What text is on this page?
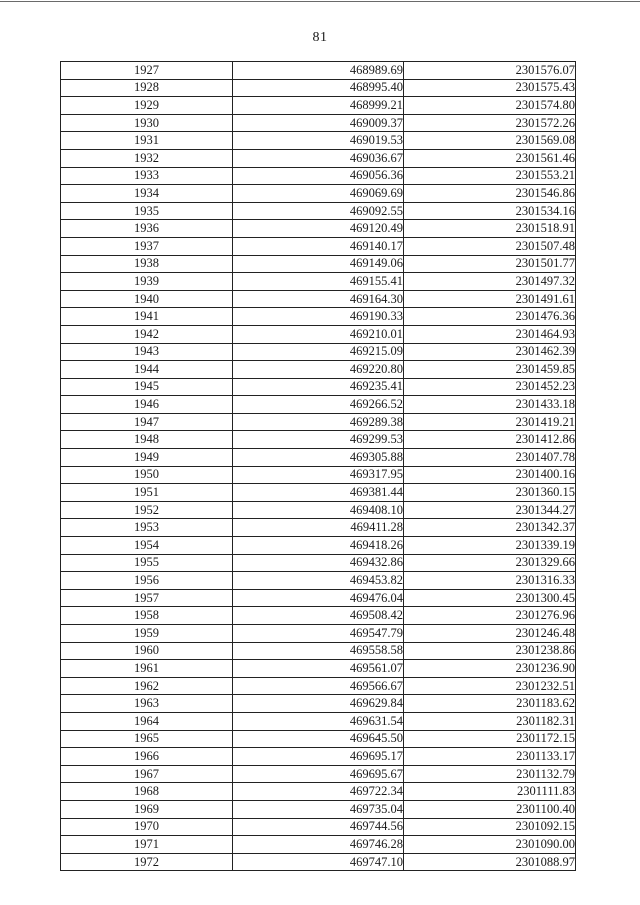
81
1927	468989.69	2301576.07
1928	468995.40	2301575.43
1929	468999.21	2301574.80
1930	469009.37	2301572.26
1931	469019.53	2301569.08
1932	469036.67	2301561.46
1933	469056.36	2301553.21
1934	469069.69	2301546.86
1935	469092.55	2301534.16
1936	469120.49	2301518.91
1937	469140.17	2301507.48
1938	469149.06	2301501.77
1939	469155.41	2301497.32
1940	469164.30	2301491.61
1941	469190.33	2301476.36
1942	469210.01	2301464.93
1943	469215.09	2301462.39
1944	469220.80	2301459.85
1945	469235.41	2301452.23
1946	469266.52	2301433.18
1947	469289.38	2301419.21
1948	469299.53	2301412.86
1949	469305.88	2301407.78
1950	469317.95	2301400.16
1951	469381.44	2301360.15
1952	469408.10	2301344.27
1953	469411.28	2301342.37
1954	469418.26	2301339.19
1955	469432.86	2301329.66
1956	469453.82	2301316.33
1957	469476.04	2301300.45
1958	469508.42	2301276.96
1959	469547.79	2301246.48
1960	469558.58	2301238.86
1961	469561.07	2301236.90
1962	469566.67	2301232.51
1963	469629.84	2301183.62
1964	469631.54	2301182.31
1965	469645.50	2301172.15
1966	469695.17	2301133.17
1967	469695.67	2301132.79
1968	469722.34	2301111.83
1969	469735.04	2301100.40
1970	469744.56	2301092.15
1971	469746.28	2301090.00
1972	469747.10	2301088.97
